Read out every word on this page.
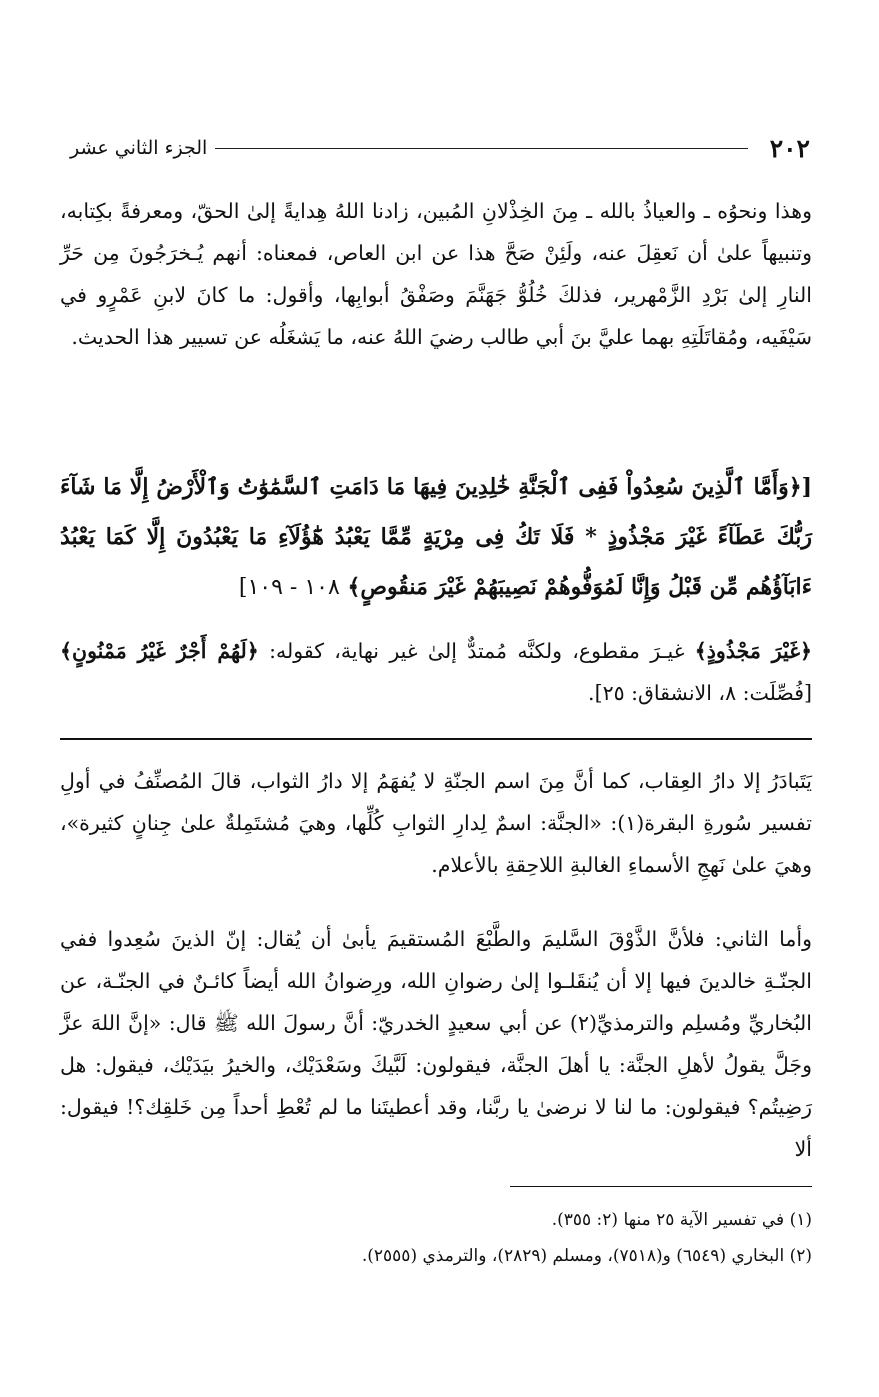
٢٠٢
الجزء الثاني عشر

وهذا ونحوُه ـ والعياذُ بالله ـ مِنَ الخِذْلانِ المُبين، زادنا اللهُ هِدايةً إلىٰ الحقّ، ومعرفةً بكِتابه، وتنبيهاً علىٰ أن نَعقِلَ عنه، ولَئِنْ صَحَّ هذا عن ابن العاص، فمعناه: أنهم يُـخرَجُونَ مِن حَرِّ النارِ إلىٰ بَرْدِ الزَّمْهرير، فذلكَ خُلُوُّ جَهَنَّمَ وصَفْقُ أبوابِها، وأقول: ما كانَ لابنِ عَمْرٍو في سَيْفَيه، ومُقاتَلَتِهِ بهما عليَّ بنَ أبي طالب رضيَ اللهُ عنه، ما يَشغَلُه عن تسيير هذا الحديث.

[﴿وَأَمَّا ٱلَّذِينَ سُعِدُواْ فَفِى ٱلْجَنَّةِ خَٰلِدِينَ فِيهَا مَا دَامَتِ ٱلسَّمَٰوَٰتُ وَٱلْأَرْضُ إِلَّا مَا شَآءَ رَبُّكَ عَطَآءً غَيْرَ مَجْذُوذٍ * فَلَا تَكُ فِى مِرْيَةٍ مِّمَّا يَعْبُدُ هَٰٓؤُلَآءِ مَا يَعْبُدُونَ إِلَّا كَمَا يَعْبُدُ ءَابَآؤُهُم مِّن قَبْلُ وَإِنَّا لَمُوَفُّوهُمْ نَصِيبَهُمْ غَيْرَ مَنقُوصٍ﴾ ١٠٨ - ١٠٩]

﴿غَيْرَ مَجْذُوذٍ﴾ غيـرَ مقطوع، ولكنَّه مُمتدٌّ إلىٰ غير نهاية، كقوله: ﴿لَهُمْ أَجْرٌ غَيْرُ مَمْنُونٍ﴾ [فُصِّلَت: ٨، الانشقاق: ٢٥].

يَتَبادَرُ إلا دارُ العِقاب، كما أنَّ مِنَ اسم الجنّةِ لا يُفهَمُ إلا دارُ الثواب، قالَ المُصنِّفُ في أولِ تفسير سُورةِ البقرة(١): «الجنَّة: اسمٌ لِدارِ الثوابِ كُلِّها، وهيَ مُشتَمِلةٌ علىٰ جِنانٍ كثيرة»، وهيَ علىٰ نَهجِ الأسماءِ الغالبةِ اللاحِقةِ بالأعلام.

وأما الثاني: فلأنَّ الذَّوْقَ السَّليمَ والطَّبْعَ المُستقيمَ يأبىٰ أن يُقال: إنّ الذينَ سُعِدوا ففي الجنّـةِ خالدينَ فيها إلا أن يُنقَلـوا إلىٰ رضوانِ الله، ورِضوانُ الله أيضاً كائـنٌ في الجنّـة، عن البُخاريِّ ومُسلِم والترمذيِّ(٢) عن أبي سعيدٍ الخدريّ: أنَّ رسولَ الله ﷺ قال: «إنَّ اللهَ عزَّ وجَلَّ يقولُ لأهلِ الجنَّة: يا أهلَ الجنَّة، فيقولون: لَبَّيكَ وسَعْدَيْك، والخيرُ بيَدَيْك، فيقول: هل رَضِيتُم؟ فيقولون: ما لنا لا نرضىٰ يا ربَّنا، وقد أعطيتَنا ما لم تُعْطِ أحداً مِن خَلقِك؟! فيقول: ألا

(١) في تفسير الآية ٢٥ منها (٢: ٣٥٥).

(٢) البخاري (٦٥٤٩) و(٧٥١٨)، ومسلم (٢٨٢٩)، والترمذي (٢٥٥٥).
